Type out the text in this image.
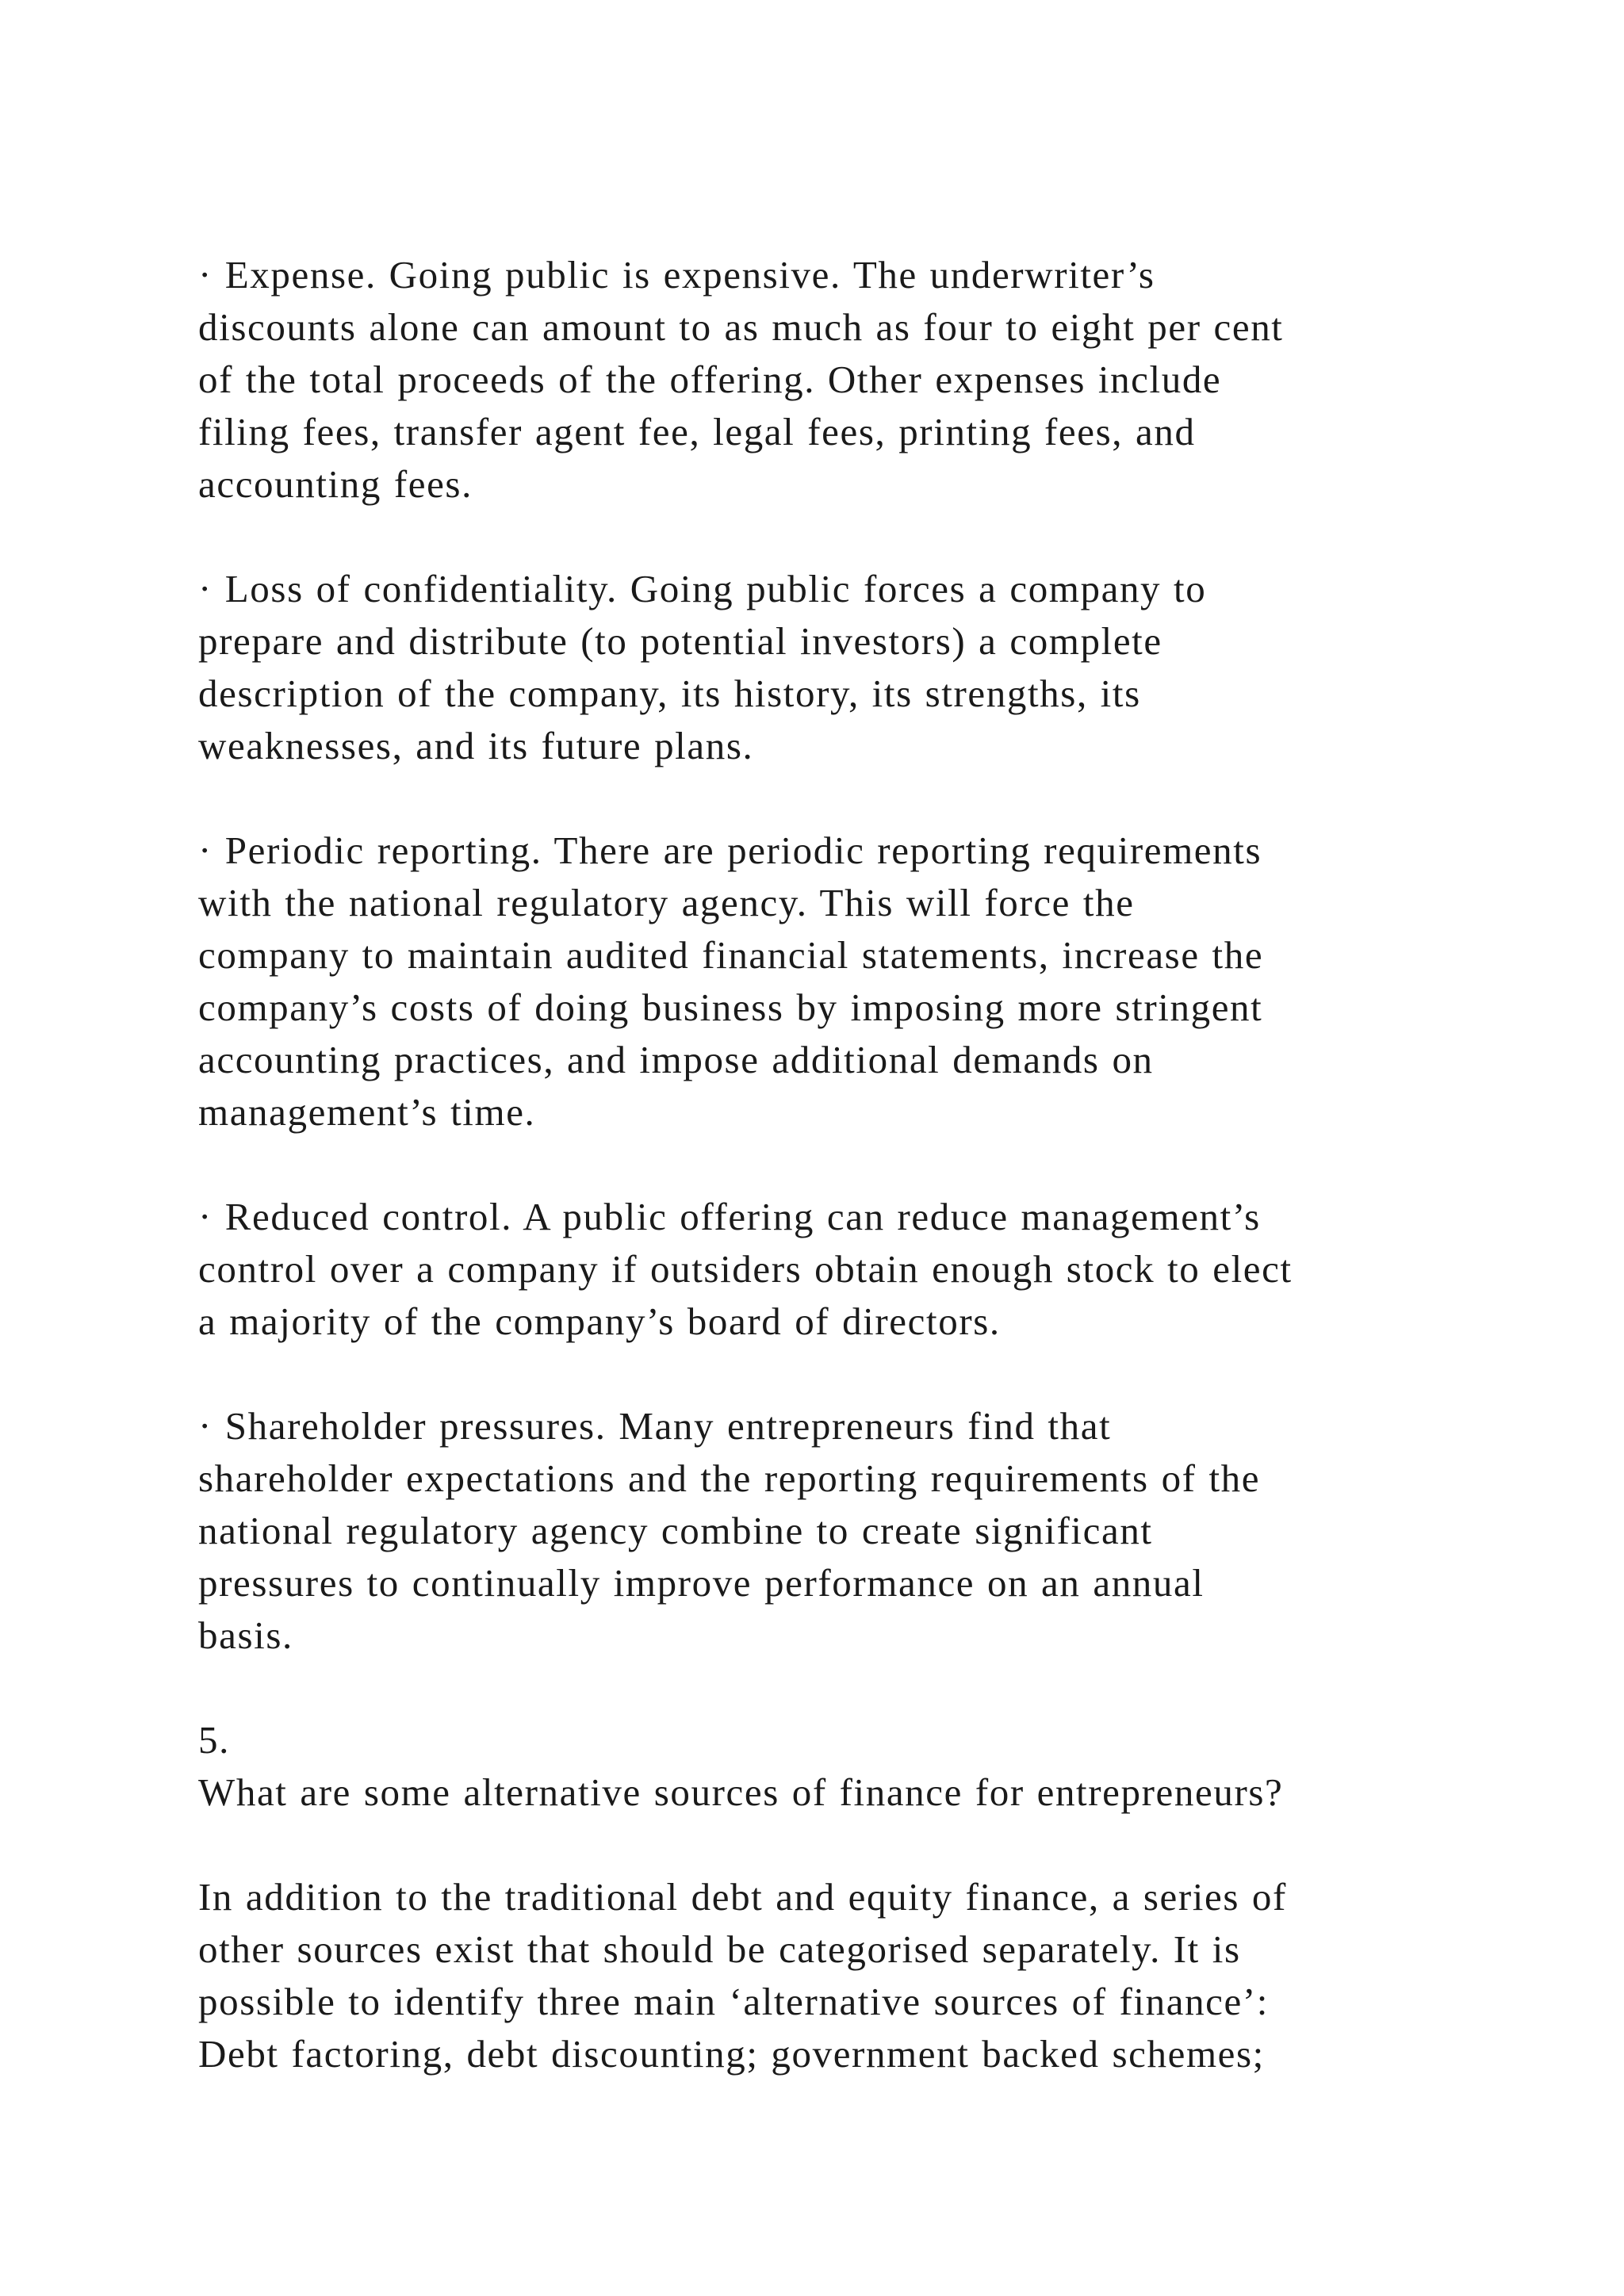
· Expense. Going public is expensive. The underwriter’s
discounts alone can amount to as much as four to eight per cent
of the total proceeds of the offering. Other expenses include
filing fees, transfer agent fee, legal fees, printing fees, and
accounting fees.
· Loss of confidentiality. Going public forces a company to
prepare and distribute (to potential investors) a complete
description of the company, its history, its strengths, its
weaknesses, and its future plans.
· Periodic reporting. There are periodic reporting requirements
with the national regulatory agency. This will force the
company to maintain audited financial statements, increase the
company’s costs of doing business by imposing more stringent
accounting practices, and impose additional demands on
management’s time.
· Reduced control. A public offering can reduce management’s
control over a company if outsiders obtain enough stock to elect
a majority of the company’s board of directors.
· Shareholder pressures. Many entrepreneurs find that
shareholder expectations and the reporting requirements of the
national regulatory agency combine to create significant
pressures to continually improve performance on an annual
basis.
5.
What are some alternative sources of finance for entrepreneurs?
In addition to the traditional debt and equity finance, a series of
other sources exist that should be categorised separately. It is
possible to identify three main ‘alternative sources of finance’:
Debt factoring, debt discounting; government backed schemes;
